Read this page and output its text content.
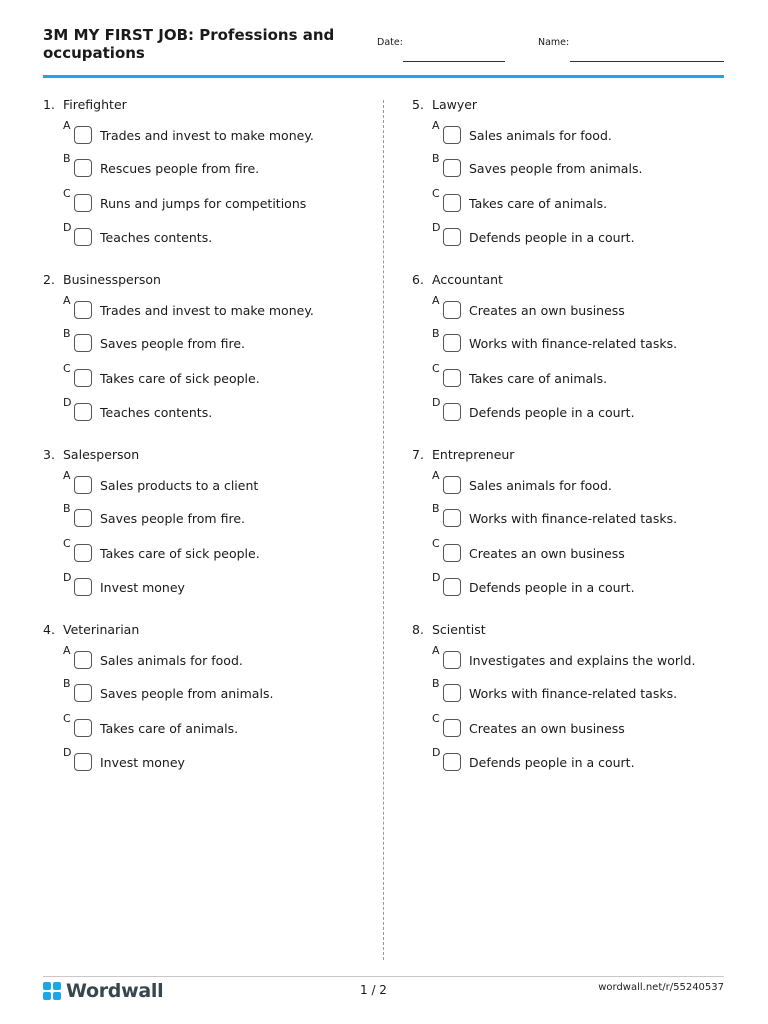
3M MY FIRST JOB: Professions and occupations
Date:	Name:
1. Firefighter
A
Trades and invest to make money.
B
Rescues people from fire.
C
Runs and jumps for competitions
D
Teaches contents.
2. Businessperson
A
Trades and invest to make money.
B
Saves people from fire.
C
Takes care of sick people.
D
Teaches contents.
3. Salesperson
A
Sales products to a client
B
Saves people from fire.
C
Takes care of sick people.
D
Invest money
4. Veterinarian
A
Sales animals for food.
B
Saves people from animals.
C
Takes care of animals.
D
Invest money
5. Lawyer
A
Sales animals for food.
B
Saves people from animals.
C
Takes care of animals.
D
Defends people in a court.
6. Accountant
A
Creates an own business
B
Works with finance-related tasks.
C
Takes care of animals.
D
Defends people in a court.
7. Entrepreneur
A
Sales animals for food.
B
Works with finance-related tasks.
C
Creates an own business
D
Defends people in a court.
8. Scientist
A
Investigates and explains the world.
B
Works with finance-related tasks.
C
Creates an own business
D
Defends people in a court.
Wordwall	1 / 2	wordwall.net/r/55240537
